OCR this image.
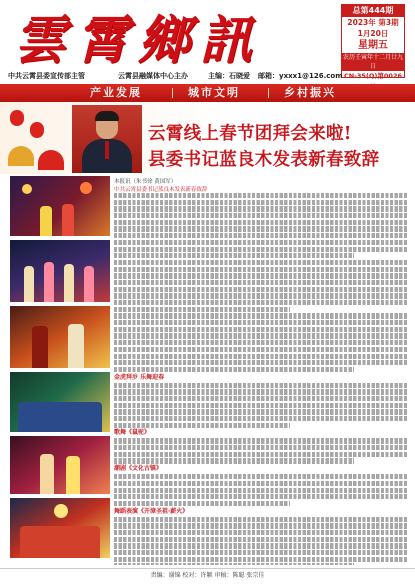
雲霄鄉訊	总第444期
2023年 第3期
1月20日
星期五
农历壬寅年十二月廿九日
CN-35(Q)第0026
中共云霄县委宣传部主管	云霄县融媒体中心主办	主编：石晓爱 邮箱：yxxx1@126.com
产业发展	城市文明	乡村振兴
云霄线上春节团拜会来啦!
县委书记蓝良木发表新春致辞
本报讯（朱书徐 黄国军）
中共云霄县委书记蓝良木发表新春致辞
金虎拜岁 乐舞迎春
歌舞《鼠驼》
潮剧《文化古镇》
舞蹈表演《开漳圣祖·薪火》
责编：谢锦 校对：许颖 审稿：陈聪 张宗佳
